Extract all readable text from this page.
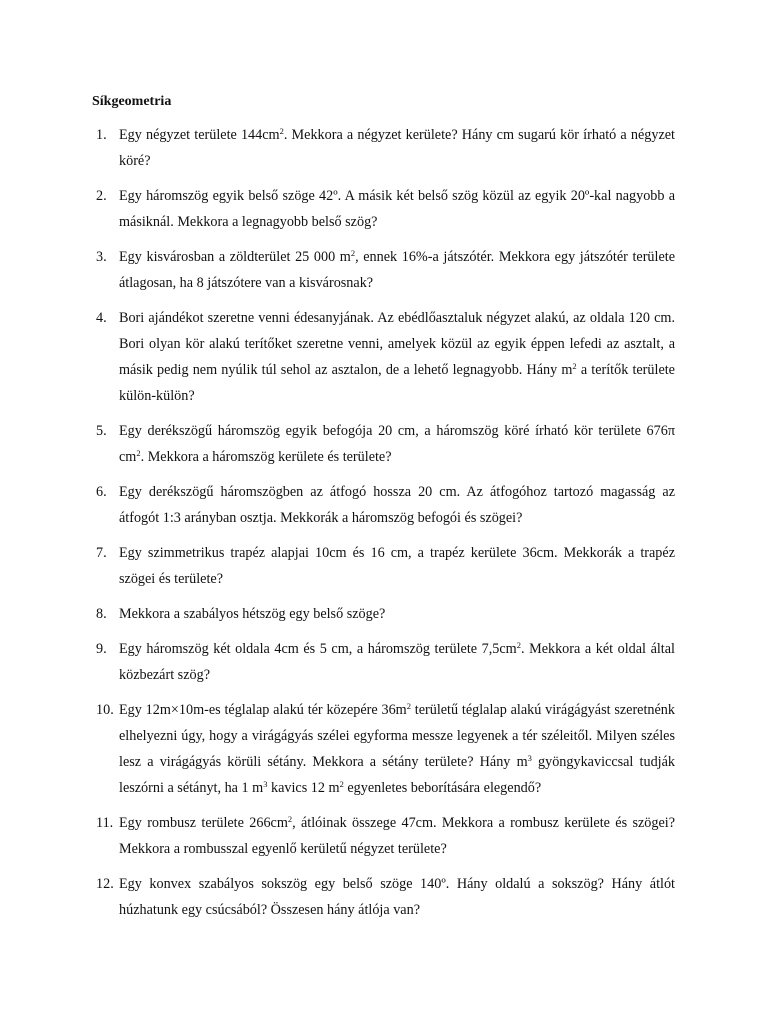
Síkgeometria
1. Egy négyzet területe $144cm^2$. Mekkora a négyzet kerülete? Hány cm sugarú kör írható a négyzet köré?
2. Egy háromszög egyik belső szöge 42º. A másik két belső szög közül az egyik 20º-kal nagyobb a másiknál. Mekkora a legnagyobb belső szög?
3. Egy kisvárosban a zöldterület 25 000 $m^2$, ennek 16%-a játszótér. Mekkora egy játszótér területe átlagosan, ha 8 játszótere van a kisvárosnak?
4. Bori ajándékot szeretne venni édesanyjának. Az ebédlőasztaluk négyzet alakú, az oldala 120 cm. Bori olyan kör alakú terítőket szeretne venni, amelyek közül az egyik éppen lefedi az asztalt, a másik pedig nem nyúlik túl sehol az asztalon, de a lehető legnagyobb. Hány $m^2$ a terítők területe külön-külön?
5. Egy derékszögű háromszög egyik befogója 20 cm, a háromszög köré írható kör területe 676π $cm^2$. Mekkora a háromszög kerülete és területe?
6. Egy derékszögű háromszögben az átfogó hossza 20 cm. Az átfogóhoz tartozó magasság az átfogót 1:3 arányban osztja. Mekkorák a háromszög befogói és szögei?
7. Egy szimmetrikus trapéz alapjai 10cm és 16 cm, a trapéz kerülete 36cm. Mekkorák a trapéz szögei és területe?
8. Mekkora a szabályos hétszög egy belső szöge?
9. Egy háromszög két oldala 4cm és 5 cm, a háromszög területe $7,5cm^2$. Mekkora a két oldal által közbezárt szög?
10. Egy 12m×10m-es téglalap alakú tér közepére $36m^2$ területű téglalap alakú virágágyást szeretnénk elhelyezni úgy, hogy a virágágyás szélei egyforma messze legyenek a tér széleitől. Milyen széles lesz a virágágyás körüli sétány. Mekkora a sétány területe? Hány $m^3$ gyöngykaviccsal tudják leszórni a sétányt, ha 1 $m^3$ kavics 12 $m^2$ egyenletes beborítására elegendő?
11. Egy rombusz területe $266cm^2$, átlóinak összege 47cm. Mekkora a rombusz kerülete és szögei? Mekkora a rombusszal egyenlő kerületű négyzet területe?
12. Egy konvex szabályos sokszög egy belső szöge 140º. Hány oldalú a sokszög? Hány átlót húzhatunk egy csúcsából? Összesen hány átlója van?
